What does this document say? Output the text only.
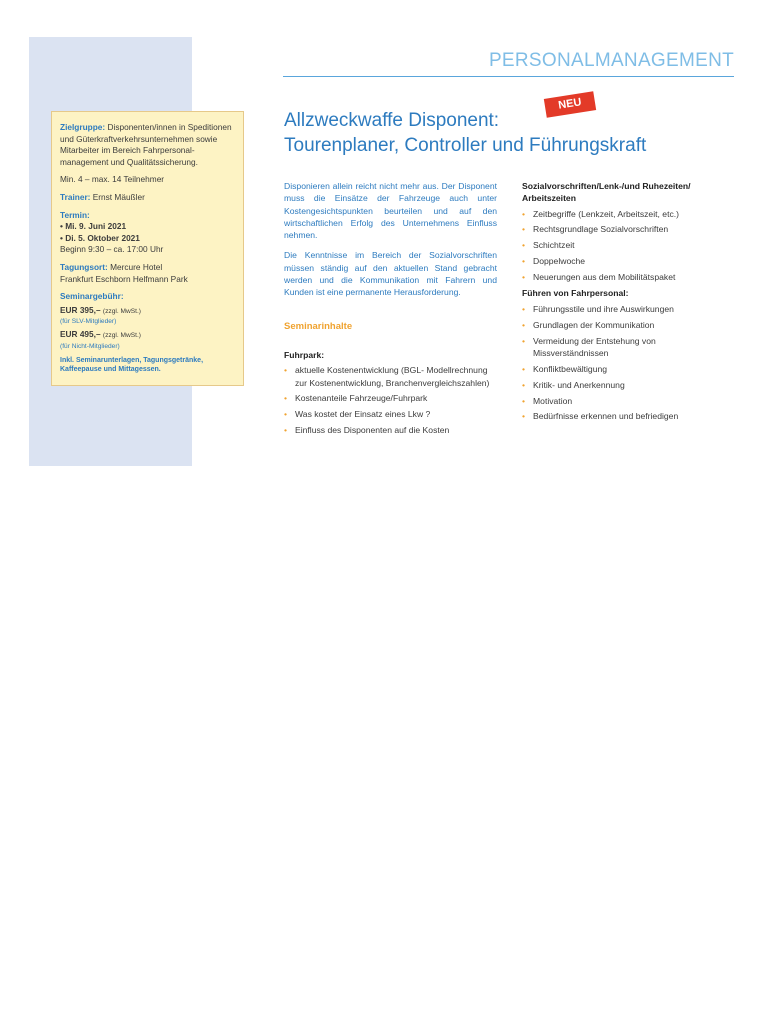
PERSONALMANAGEMENT
NEU
Allzweckwaffe Disponent:
Tourenplaner, Controller und Führungskraft

Zielgruppe: Disponenten/innen in Speditionen und Güterkraftverkehrsunternehmen sowie Mitarbeiter im Bereich Fahrpersonal-management und Qualitätssicherung.

Min. 4 – max. 14 Teilnehmer

Trainer: Ernst Mäußler

Termin:
• Mi. 9. Juni 2021
• Di. 5. Oktober 2021
Beginn 9:30 – ca. 17:00 Uhr

Tagungsort: Mercure Hotel
Frankfurt Eschborn Helfmann Park

Seminargebühr:

EUR 395,– (zzgl. MwSt.)
(für SLV-Mitglieder)
EUR 495,– (zzgl. MwSt.)
(für Nicht-Mitglieder)
Inkl. Seminarunterlagen, Tagungsgetränke, Kaffeepause und Mittagessen.

Disponieren allein reicht nicht mehr aus. Der Disponent muss die Einsätze der Fahrzeuge auch unter Kostengesichtspunkten beurteilen und auf den wirtschaftlichen Erfolg des Unternehmens Einfluss nehmen.

Die Kenntnisse im Bereich der Sozialvorschriften müssen ständig auf den aktuellen Stand gebracht werden und die Kommunikation mit Fahrern und Kunden ist eine permanente Herausforderung.

Seminarinhalte
Fuhrpark:
• aktuelle Kostenentwicklung (BGL- Modellrechnung zur Kostenentwicklung, Branchenvergleichszahlen)
• Kostenanteile Fahrzeuge/Fuhrpark
• Was kostet der Einsatz eines Lkw ?
• Einfluss des Disponenten auf die Kosten
Sozialvorschriften/Lenk-/und Ruhezeiten/ Arbeitszeiten
• Zeitbegriffe (Lenkzeit, Arbeitszeit, etc.)
• Rechtsgrundlage Sozialvorschriften
• Schichtzeit
• Doppelwoche
• Neuerungen aus dem Mobilitätspaket
Führen von Fahrpersonal:
• Führungsstile und ihre Auswirkungen
• Grundlagen der Kommunikation
• Vermeidung der Entstehung von Missverständnissen
• Konfliktbewältigung
• Kritik- und Anerkennung
• Motivation
• Bedürfnisse erkennen und befriedigen
